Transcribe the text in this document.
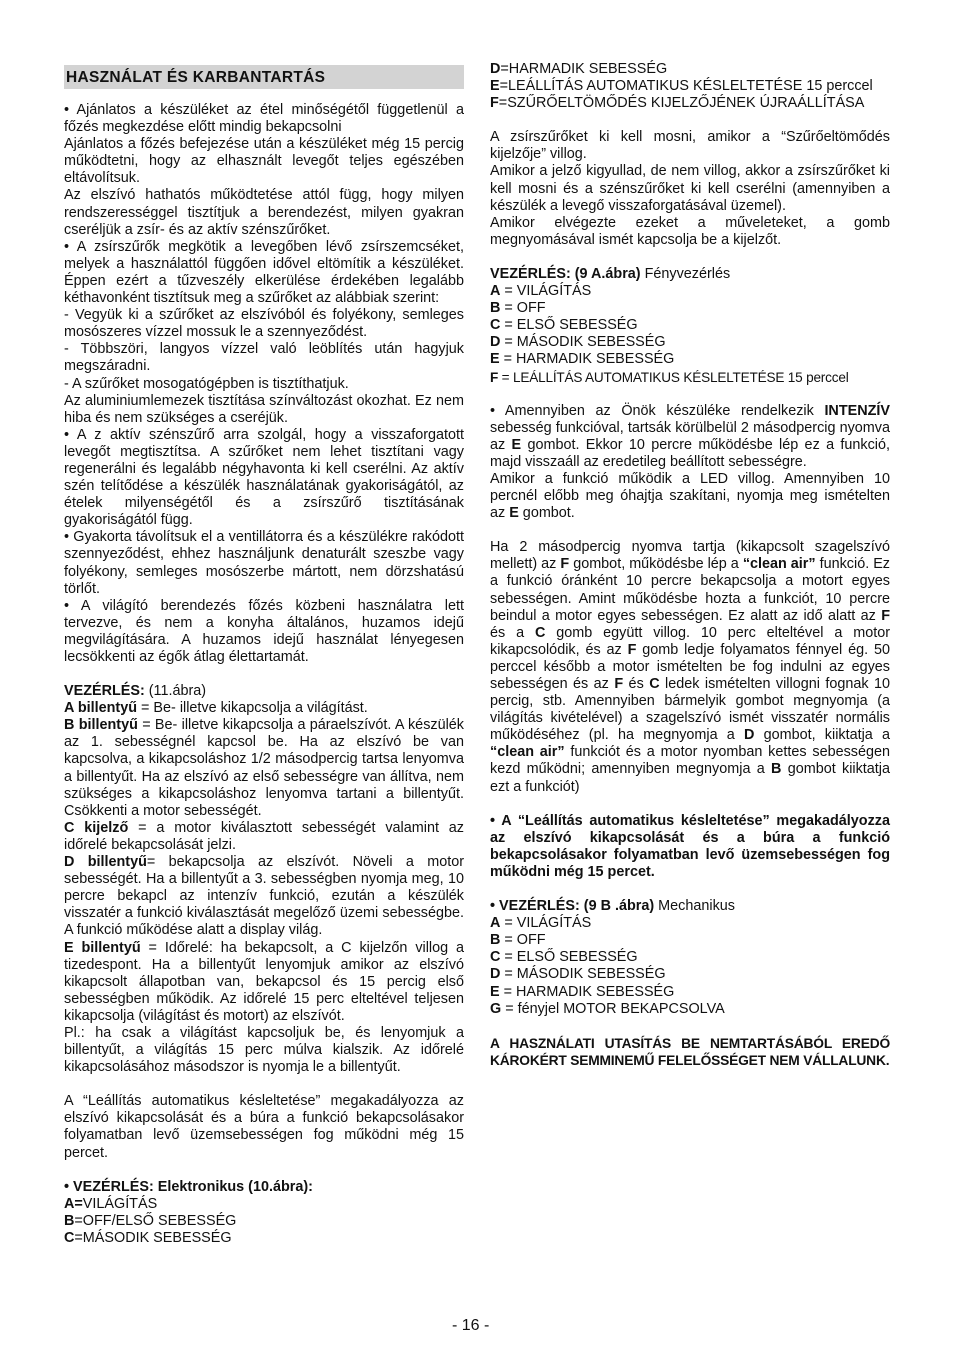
HASZNÁLAT ÉS KARBANTARTÁS

• Ajánlatos a készüléket az étel minőségétől függetlenül a főzés megkezdése előtt mindig bekapcsolni

Ajánlatos a főzés befejezése után a készüléket még 15 percig működtetni, hogy az elhasznált levegőt teljes egészében eltávolítsuk.

Az elszívó hathatós működtetése attól függ, hogy milyen rendszerességgel tisztítjuk a berendezést, milyen gyakran cseréljük a zsír- és az aktív szénszűrőket.

• A zsírszűrők megkötik a levegőben lévő zsírszemcséket, melyek a használattól függően idővel eltömítik a készüléket. Éppen ezért a tűzveszély elkerülése érdekében legalább kéthavonként tisztítsuk meg a szűrőket az alábbiak szerint:

- Vegyük ki a szűrőket az elszívóból és folyékony, semleges mosószeres vízzel mossuk le a szennyeződést.

- Többszöri, langyos vízzel való leöblítés után hagyjuk megszáradni.

- A szűrőket mosogatógépben is tisztíthatjuk.

Az aluminiumlemezek tisztítása színváltozást okozhat. Ez nem hiba és nem szükséges a cseréjük.

• A z aktív szénszűrő arra szolgál, hogy a visszaforgatott levegőt megtisztítsa. A szűrőket nem lehet tisztítani vagy regenerálni és legalább négyhavonta ki kell cserélni. Az aktív szén telítődése a készülék használatának gyakoriságától, az ételek milyenségétől és a zsírszűrő tisztításának gyakoriságától függ.

• Gyakorta távolítsuk el a ventillátorra és a készülékre rakódott szennyeződést, ehhez használjunk denaturált szeszbe vagy folyékony, semleges mosószerbe mártott, nem dörzshatású törlőt.

• A világító berendezés főzés közbeni használatra lett tervezve, és nem a konyha általános, huzamos idejű megvilágítására. A huzamos idejű használat lényegesen lecsökkenti az égők átlag élettartamát.

VEZÉRLÉS: (11.ábra)

A billentyű = Be- illetve kikapcsolja a világítást.

B billentyű = Be- illetve kikapcsolja a páraelszívót. A készülék az 1. sebességnél kapcsol be. Ha az elszívó be van kapcsolva, a kikapcsoláshoz 1/2 másodpercig tartsa lenyomva a billentyűt. Ha az elszívó az első sebességre van állítva, nem szükséges a kikapcsoláshoz lenyomva tartani a billentyűt. Csökkenti a motor sebességét.

C kijelző = a motor kiválasztott sebességét valamint az időrelé bekapcsolását jelzi.

D billentyű= bekapcsolja az elszívót. Növeli a motor sebességét. Ha a billentyűt a 3. sebességben nyomja meg, 10 percre bekapcl az intenzív funkció, ezután a készülék visszatér a funkció kiválasztását megelőző üzemi sebességbe. A funkció működése alatt a display világ.

E billentyű = Időrelé: ha bekapcsolt, a C kijelzőn villog a tizedespont. Ha a billentyűt lenyomjuk amikor az elszívó kikapcsolt állapotban van, bekapcsol és 15 percig első sebességben működik. Az időrelé 15 perc elteltével teljesen kikapcsolja (világítást és motort) az elszívót.

Pl.: ha csak a világítást kapcsoljuk be, és lenyomjuk a billentyűt, a világítás 15 perc múlva kialszik. Az időrelé kikapcsolásához másodszor is nyomja le a billentyűt.

A “Leállítás automatikus késleltetése” megakadályozza az elszívó kikapcsolását és a búra a funkció bekapcsolásakor folyamatban levő üzemsebességen fog működni még 15 percet.

• VEZÉRLÉS: Elektronikus (10.ábra):

A=VILÁGÍTÁS

B=OFF/ELSŐ SEBESSÉG

C=MÁSODIK SEBESSÉG

D=HARMADIK SEBESSÉG

E=LEÁLLÍTÁS AUTOMATIKUS KÉSLELTETÉSE 15 perccel

F=SZŰRŐELTÖMŐDÉS KIJELZŐJÉNEK ÚJRAÁLLÍTÁSA

A zsírszűrőket ki kell mosni, amikor a “Szűrőeltömődés kijelzője” villog.

Amikor a jelző kigyullad, de nem villog, akkor a zsírszűrőket ki kell mosni és a szénszűrőket ki kell cserélni (amennyiben a készülék a levegő visszaforgatásával üzemel).

Amikor elvégezte ezeket a műveleteket, a gomb megnyomásával ismét kapcsolja be a kijelzőt.

VEZÉRLÉS: (9 A.ábra) Fényvezérlés

A = VILÁGÍTÁS

B = OFF

C = ELSŐ SEBESSÉG

D = MÁSODIK SEBESSÉG

E = HARMADIK SEBESSÉG

F = LEÁLLÍTÁS AUTOMATIKUS KÉSLELTETÉSE 15 perccel

• Amennyiben az Önök készüléke rendelkezik INTENZÍV sebesség funkcióval, tartsák körülbelül 2 másodpercig nyomva az E gombot. Ekkor 10 percre működésbe lép ez a funkció, majd visszaáll az eredetileg beállított sebességre.

Amikor a funkció működik a LED villog. Amennyiben 10 percnél előbb meg óhajtja szakítani, nyomja meg ismételten az E gombot.

Ha 2 másodpercig nyomva tartja (kikapcsolt szagelszívó mellett) az F gombot, működésbe lép a “clean air” funkció. Ez a funkció óránként 10 percre bekapcsolja a motort egyes sebességen. Amint működésbe hozta a funkciót, 10 percre beindul a motor egyes sebességen. Ez alatt az idő alatt az F és a C gomb együtt villog. 10 perc elteltével a motor kikapcsolódik, és az F gomb ledje folyamatos fénnyel ég. 50 perccel később a motor ismételten be fog indulni az egyes sebességen és az F és C ledek ismételten villogni fognak 10 percig, stb. Amennyiben bármelyik gombot megnyomja (a világítás kivételével) a szagelszívó ismét visszatér normális működéséhez (pl. ha megnyomja a D gombot, kiiktatja a “clean air” funkciót és a motor nyomban kettes sebességen kezd működni; amennyiben megnyomja a B gombot kiiktatja ezt a funkciót)

• A “Leállítás automatikus késleltetése” megakadályozza az elszívó kikapcsolását és a búra a funkció bekapcsolásakor folyamatban levő üzemsebességen fog működni még 15 percet.

• VEZÉRLÉS: (9 B .ábra) Mechanikus

A = VILÁGÍTÁS

B = OFF

C = ELSŐ SEBESSÉG

D = MÁSODIK SEBESSÉG

E = HARMADIK SEBESSÉG

G = fényjel MOTOR BEKAPCSOLVA

A HASZNÁLATI UTASÍTÁS BE NEMTARTÁSÁBÓL EREDŐ KÁROKÉRT SEMMINEMŰ FELELŐSSÉGET NEM VÁLLALUNK.

- 16 -
